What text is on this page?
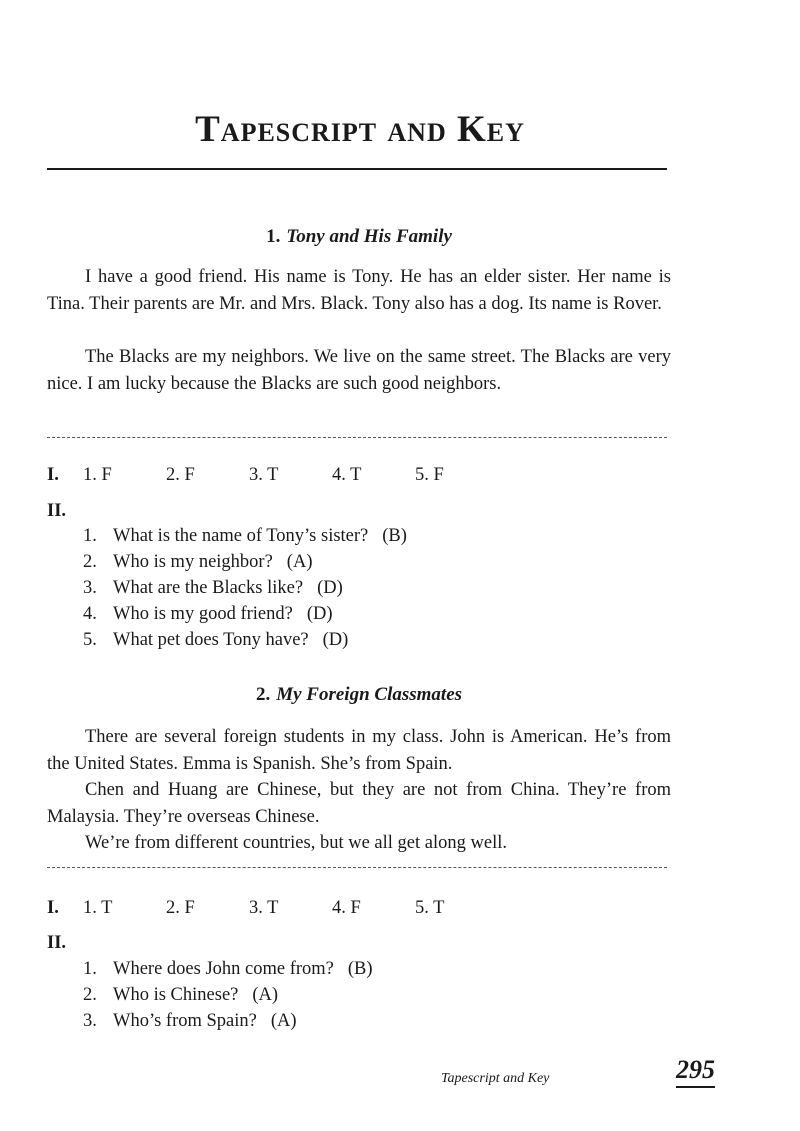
Tapescript and Key
1. Tony and His Family

I have a good friend. His name is Tony. He has an elder sister. Her name is Tina. Their parents are Mr. and Mrs. Black. Tony also has a dog. Its name is Rover.

The Blacks are my neighbors. We live on the same street. The Blacks are very nice. I am lucky because the Blacks are such good neighbors.

I. 1. F	2. F	3. T	4. T	5. F
II.
1. What is the name of Tony’s sister? (B)
2. Who is my neighbor? (A)
3. What are the Blacks like? (D)
4. Who is my good friend? (D)
5. What pet does Tony have? (D)
2. My Foreign Classmates

There are several foreign students in my class. John is American. He’s from the United States. Emma is Spanish. She’s from Spain.

Chen and Huang are Chinese, but they are not from China. They’re from Malaysia. They’re overseas Chinese.

We’re from different countries, but we all get along well.

I. 1. T	2. F	3. T	4. F	5. T
II.
1. Where does John come from? (B)
2. Who is Chinese? (A)
3. Who’s from Spain? (A)
Tapescript and Key	295
